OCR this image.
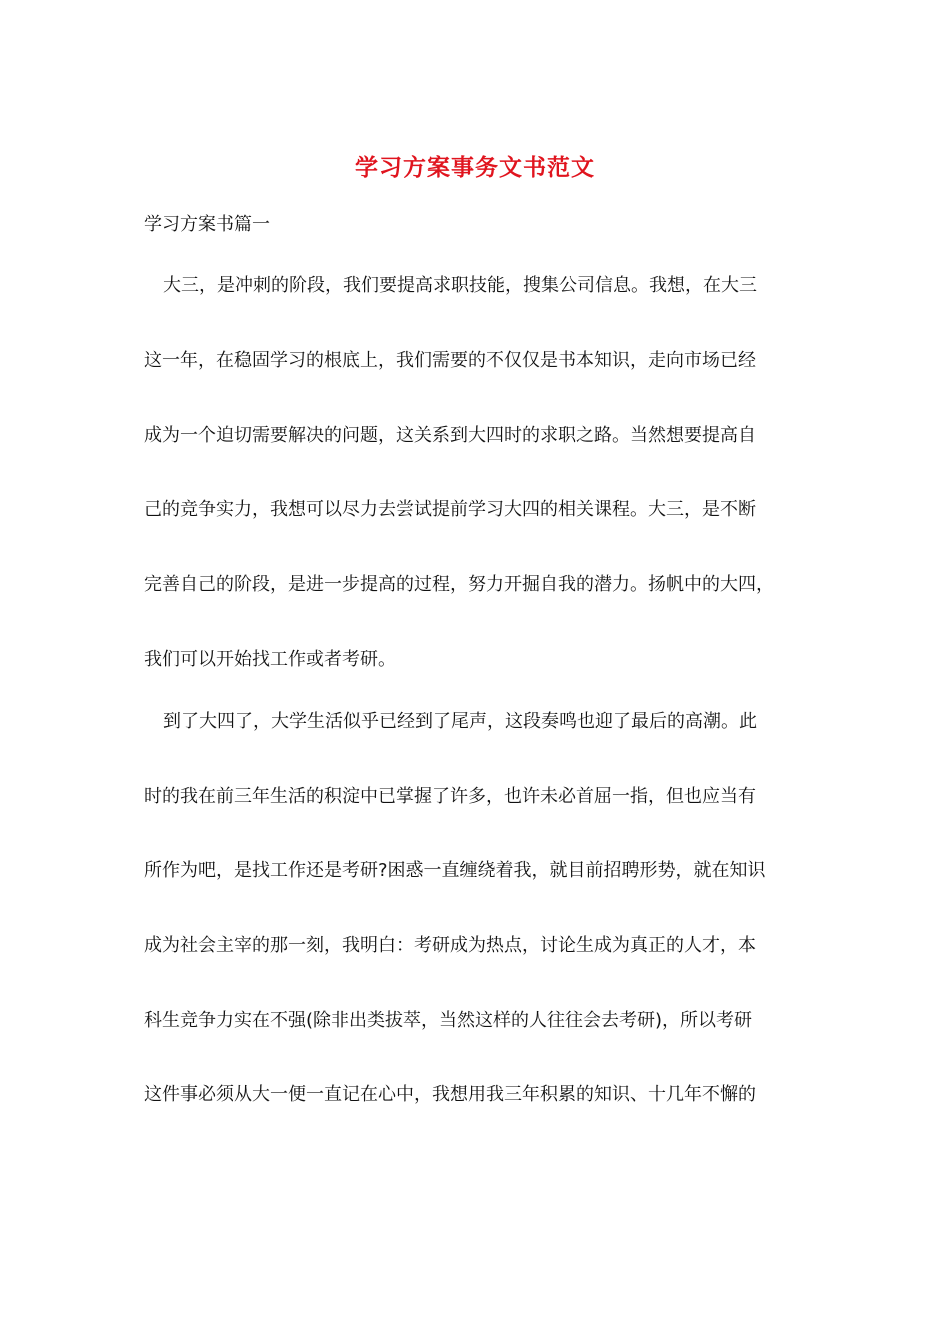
学习方案事务文书范文

学习方案书篇一

大三，是冲刺的阶段，我们要提高求职技能，搜集公司信息。我想，在大三

这一年，在稳固学习的根底上，我们需要的不仅仅是书本知识，走向市场已经

成为一个迫切需要解决的问题，这关系到大四时的求职之路。当然想要提高自

己的竞争实力，我想可以尽力去尝试提前学习大四的相关课程。大三，是不断

完善自己的阶段，是进一步提高的过程，努力开掘自我的潜力。扬帆中的大四，

我们可以开始找工作或者考研。

到了大四了，大学生活似乎已经到了尾声，这段奏鸣也迎了最后的高潮。此

时的我在前三年生活的积淀中已掌握了许多，也许未必首屈一指，但也应当有

所作为吧，是找工作还是考研?困惑一直缠绕着我，就目前招聘形势，就在知识

成为社会主宰的那一刻，我明白：考研成为热点，讨论生成为真正的人才，本

科生竞争力实在不强(除非出类拔萃，当然这样的人往往会去考研)，所以考研

这件事必须从大一便一直记在心中，我想用我三年积累的知识、十几年不懈的
